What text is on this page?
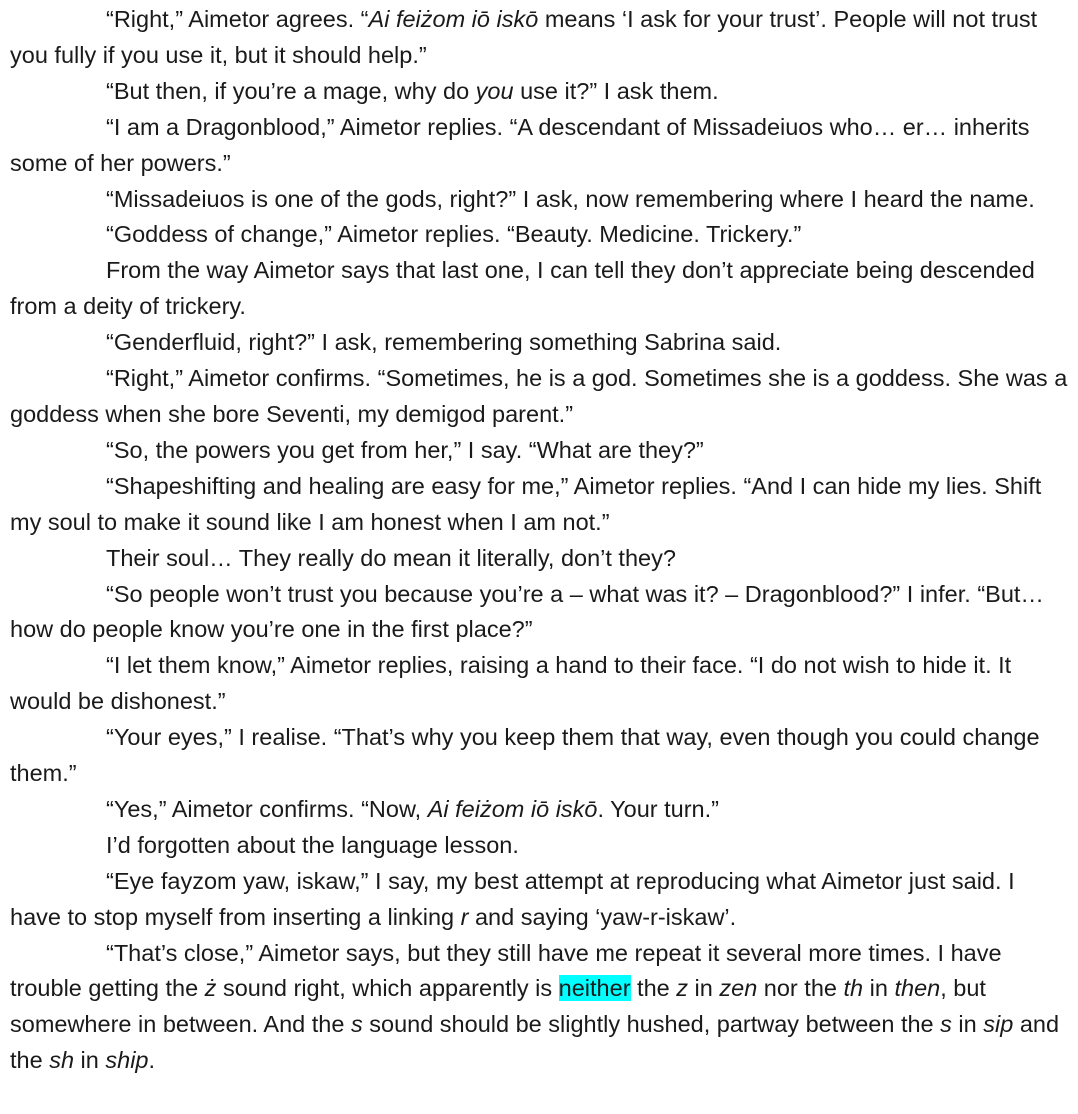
“Right,” Aimetor agrees. “Ai feiżom iō iskō means ‘I ask for your trust’. People will not trust you fully if you use it, but it should help.”

“But then, if you’re a mage, why do you use it?” I ask them.

“I am a Dragonblood,” Aimetor replies. “A descendant of Missadeiuos who… er… inherits some of her powers.”

“Missadeiuos is one of the gods, right?” I ask, now remembering where I heard the name.

“Goddess of change,” Aimetor replies. “Beauty. Medicine. Trickery.”

From the way Aimetor says that last one, I can tell they don’t appreciate being descended from a deity of trickery.

“Genderfluid, right?” I ask, remembering something Sabrina said.

“Right,” Aimetor confirms. “Sometimes, he is a god. Sometimes she is a goddess. She was a goddess when she bore Seventi, my demigod parent.”

“So, the powers you get from her,” I say. “What are they?”

“Shapeshifting and healing are easy for me,” Aimetor replies. “And I can hide my lies. Shift my soul to make it sound like I am honest when I am not.”

Their soul… They really do mean it literally, don’t they?

“So people won’t trust you because you’re a – what was it? – Dragonblood?” I infer. “But… how do people know you’re one in the first place?”

“I let them know,” Aimetor replies, raising a hand to their face. “I do not wish to hide it. It would be dishonest.”

“Your eyes,” I realise. “That’s why you keep them that way, even though you could change them.”

“Yes,” Aimetor confirms. “Now, Ai feiżom iō iskō. Your turn.”

I’d forgotten about the language lesson.

“Eye fayzom yaw, iskaw,” I say, my best attempt at reproducing what Aimetor just said. I have to stop myself from inserting a linking r and saying ‘yaw-r-iskaw’.

“That’s close,” Aimetor says, but they still have me repeat it several more times. I have trouble getting the ż sound right, which apparently is neither the z in zen nor the th in then, but somewhere in between. And the s sound should be slightly hushed, partway between the s in sip and the sh in ship.
